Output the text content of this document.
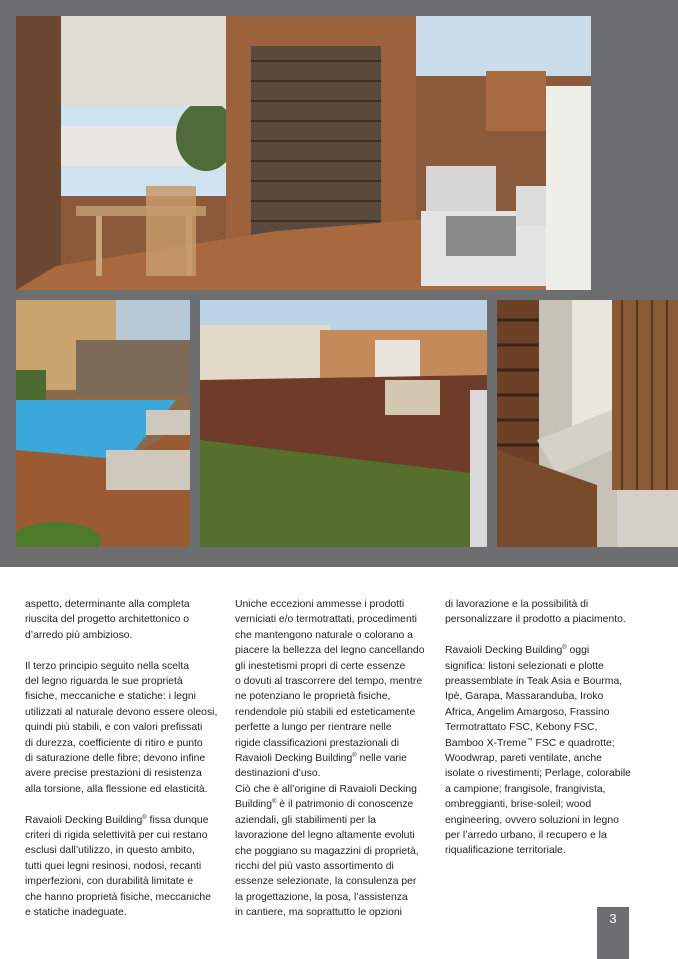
aspetto, determinante alla completa
riuscita del progetto architettonico o
d’arredo più ambizioso.

Il terzo principio seguito nella scelta
del legno riguarda le sue proprietà
fisiche, meccaniche e statiche: i legni
utilizzati al naturale devono essere oleosi,
quindi più stabili, e con valori prefissati
di durezza, coefficiente di ritiro e punto
di saturazione delle fibre; devono infine
avere precise prestazioni di resistenza
alla torsione, alla flessione ed elasticità.

Ravaioli Decking Building® fissa dunque
criteri di rigida selettività per cui restano
esclusi dall’utilizzo, in questo ambito,
tutti quei legni resinosi, nodosi, recanti
imperfezioni, con durabilità limitate e
che hanno proprietà fisiche, meccaniche
e statiche inadeguate.

Uniche eccezioni ammesse i prodotti
verniciati e/o termotrattati, procedimenti
che mantengono naturale o colorano a
piacere la bellezza del legno cancellando
gli inestetismi propri di certe essenze
o dovuti al trascorrere del tempo, mentre
ne potenziano le proprietà fisiche,
rendendole più stabili ed esteticamente
perfette a lungo per rientrare nelle
rigide classificazioni prestazionali di
Ravaioli Decking Building® nelle varie
destinazioni d’uso.

Ciò che è all’origine di Ravaioli Decking
Building® è il patrimonio di conoscenze
aziendali, gli stabilimenti per la
lavorazione del legno altamente evoluti
che poggiano su magazzini di proprietà,
ricchi del più vasto assortimento di
essenze selezionate, la consulenza per
la progettazione, la posa, l’assistenza
in cantiere, ma soprattutto le opzioni

di lavorazione e la possibilità di
personalizzare il prodotto a piacimento.

Ravaioli Decking Building® oggi
significa: listoni selezionati e plotte
preassemblate in Teak Asia e Bourma,
Ipè, Garapa, Massaranduba, Iroko
Africa, Angelim Amargoso, Frassino
Termotrattato FSC, Kebony FSC,
Bamboo X-Treme™ FSC e quadrotte;
Woodwrap, pareti ventilate, anche
isolate o rivestimenti; Perlage, colorabile
a campione; frangisole, frangivista,
ombreggianti, brise-soleil; wood
engineering, ovvero soluzioni in legno
per l’arredo urbano, il recupero e la
riqualificazione territoriale.

3
